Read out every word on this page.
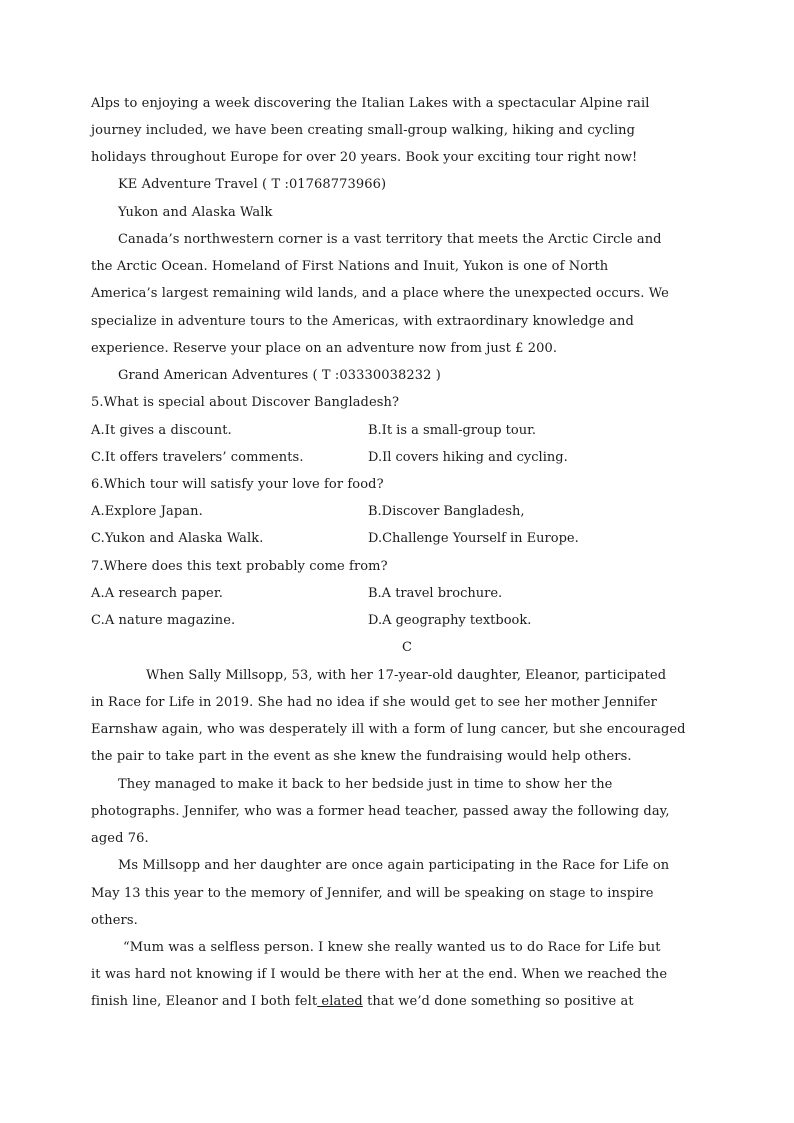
Alps to enjoying a week discovering the Italian Lakes with a spectacular Alpine rail
journey included, we have been creating small-group walking, hiking and cycling
holidays throughout Europe for over 20 years. Book your exciting tour right now!
KE Adventure Travel ( T :01768773966)
Yukon and Alaska Walk
Canada’s northwestern corner is a vast territory that meets the Arctic Circle and
the Arctic Ocean. Homeland of First Nations and Inuit, Yukon is one of North
America’s largest remaining wild lands, and a place where the unexpected occurs. We
specialize in adventure tours to the Americas, with extraordinary knowledge and
experience. Reserve your place on an adventure now from just £ 200.
Grand American Adventures ( T :03330038232 )
5.What is special about Discover Bangladesh?
A.It gives a discount.	B.It is a small-group tour.
C.It offers travelers’ comments.	D.Il covers hiking and cycling.
6.Which tour will satisfy your love for food?
A.Explore Japan.	B.Discover Bangladesh,
C.Yukon and Alaska Walk.	D.Challenge Yourself in Europe.
7.Where does this text probably come from?
A.A research paper.	B.A travel brochure.
C.A nature magazine.	D.A geography textbook.
C
When Sally Millsopp, 53, with her 17-year-old daughter, Eleanor, participated
in Race for Life in 2019. She had no idea if she would get to see her mother Jennifer
Earnshaw again, who was desperately ill with a form of lung cancer, but she encouraged
the pair to take part in the event as she knew the fundraising would help others.
They managed to make it back to her bedside just in time to show her the
photographs. Jennifer, who was a former head teacher, passed away the following day,
aged 76.
Ms Millsopp and her daughter are once again participating in the Race for Life on
May 13 this year to the memory of Jennifer, and will be speaking on stage to inspire
others.
“Mum was a selfless person. I knew she really wanted us to do Race for Life but
it was hard not knowing if I would be there with her at the end. When we reached the
finish line, Eleanor and I both felt elated that we’d done something so positive at
